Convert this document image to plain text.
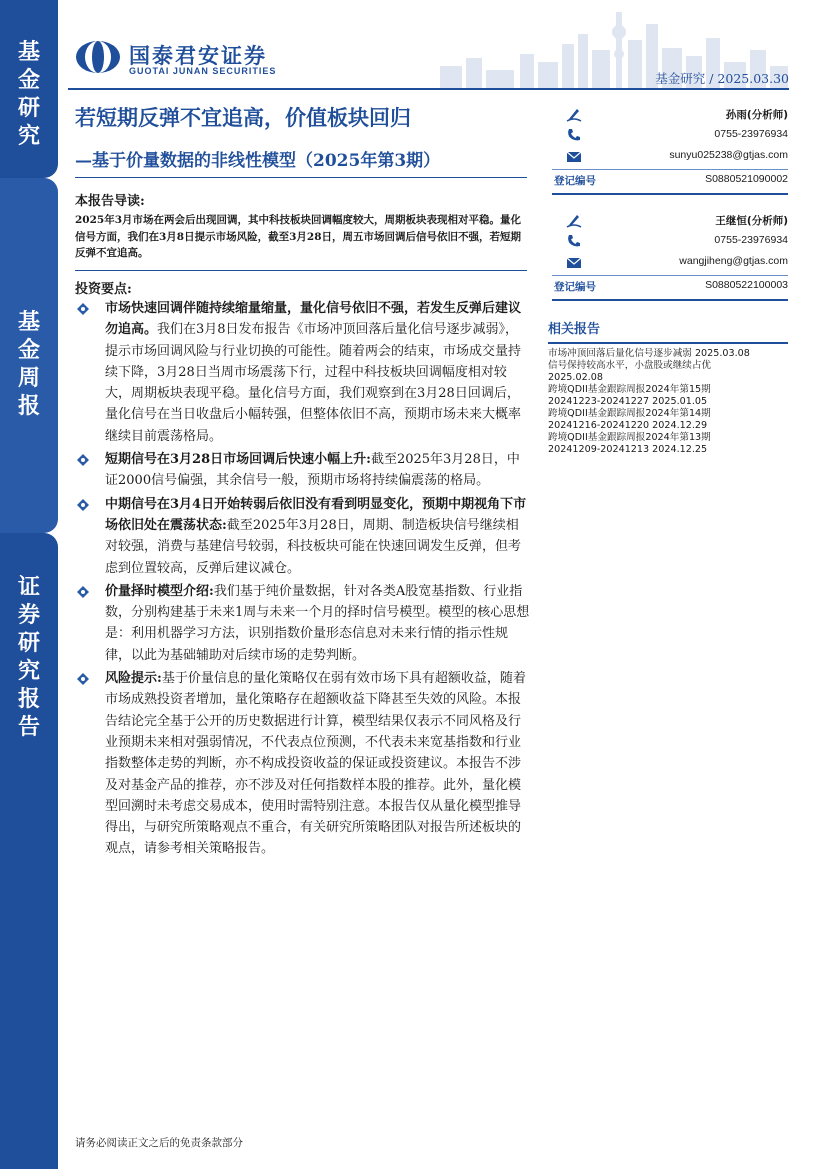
基
金
研
究
基
金
周
报
证
券
研
究
报
告
国泰君安证券
GUOTAI JUNAN SECURITIES	基金研究 / 2025.03.30
若短期反弹不宜追高，价值板块回归
—基于价量数据的非线性模型（2025年第3期）
本报告导读:
2025年3月市场在两会后出现回调，其中科技板块回调幅度较大，周期板块表现相对平稳。量化信号方面，我们在3月8日提示市场风险，截至3月28日，周五市场回调后信号依旧不强，若短期反弹不宜追高。
投资要点:
市场快速回调伴随持续缩量缩量，量化信号依旧不强，若发生反弹后建议勿追高。我们在3月8日发布报告《市场冲顶回落后量化信号逐步减弱》，提示市场回调风险与行业切换的可能性。随着两会的结束，市场成交量持续下降，3月28日当周市场震荡下行，过程中科技板块回调幅度相对较大，周期板块表现平稳。量化信号方面，我们观察到在3月28日回调后，量化信号在当日收盘后小幅转强，但整体依旧不高，预期市场未来大概率继续目前震荡格局。
短期信号在3月28日市场回调后快速小幅上升:截至2025年3月28日，中证2000信号偏强，其余信号一般，预期市场将持续偏震荡的格局。
中期信号在3月4日开始转弱后依旧没有看到明显变化，预期中期视角下市场依旧处在震荡状态:截至2025年3月28日，周期、制造板块信号继续相对较强，消费与基建信号较弱，科技板块可能在快速回调发生反弹，但考虑到位置较高，反弹后建议减仓。
价量择时模型介绍:我们基于纯价量数据，针对各类A股宽基指数、行业指数，分别构建基于未来1周与未来一个月的择时信号模型。模型的核心思想是：利用机器学习方法，识别指数价量形态信息对未来行情的指示性规律，以此为基础辅助对后续市场的走势判断。
风险提示:基于价量信息的量化策略仅在弱有效市场下具有超额收益，随着市场成熟投资者增加，量化策略存在超额收益下降甚至失效的风险。本报告结论完全基于公开的历史数据进行计算，模型结果仅表示不同风格及行业预期未来相对强弱情况，不代表点位预测，不代表未来宽基指数和行业指数整体走势的判断，亦不构成投资收益的保证或投资建议。本报告不涉及对基金产品的推荐，亦不涉及对任何指数样本股的推荐。此外，量化模型回溯时未考虑交易成本，使用时需特别注意。本报告仅从量化模型推导得出，与研究所策略观点不重合，有关研究所策略团队对报告所述板块的观点，请参考相关策略报告。
孙雨(分析师)
0755-23976934
sunyu025238@gtjas.com
登记编号	S0880521090002
王继恒(分析师)
0755-23976934
wangjiheng@gtjas.com
登记编号	S0880522100003
相关报告
市场冲顶回落后量化信号逐步减弱 2025.03.08
信号保持较高水平，小盘股或继续占优
2025.02.08
跨境QDII基金跟踪周报2024年第15期
20241223-20241227 2025.01.05
跨境QDII基金跟踪周报2024年第14期
20241216-20241220 2024.12.29
跨境QDII基金跟踪周报2024年第13期
20241209-20241213 2024.12.25
请务必阅读正文之后的免责条款部分
